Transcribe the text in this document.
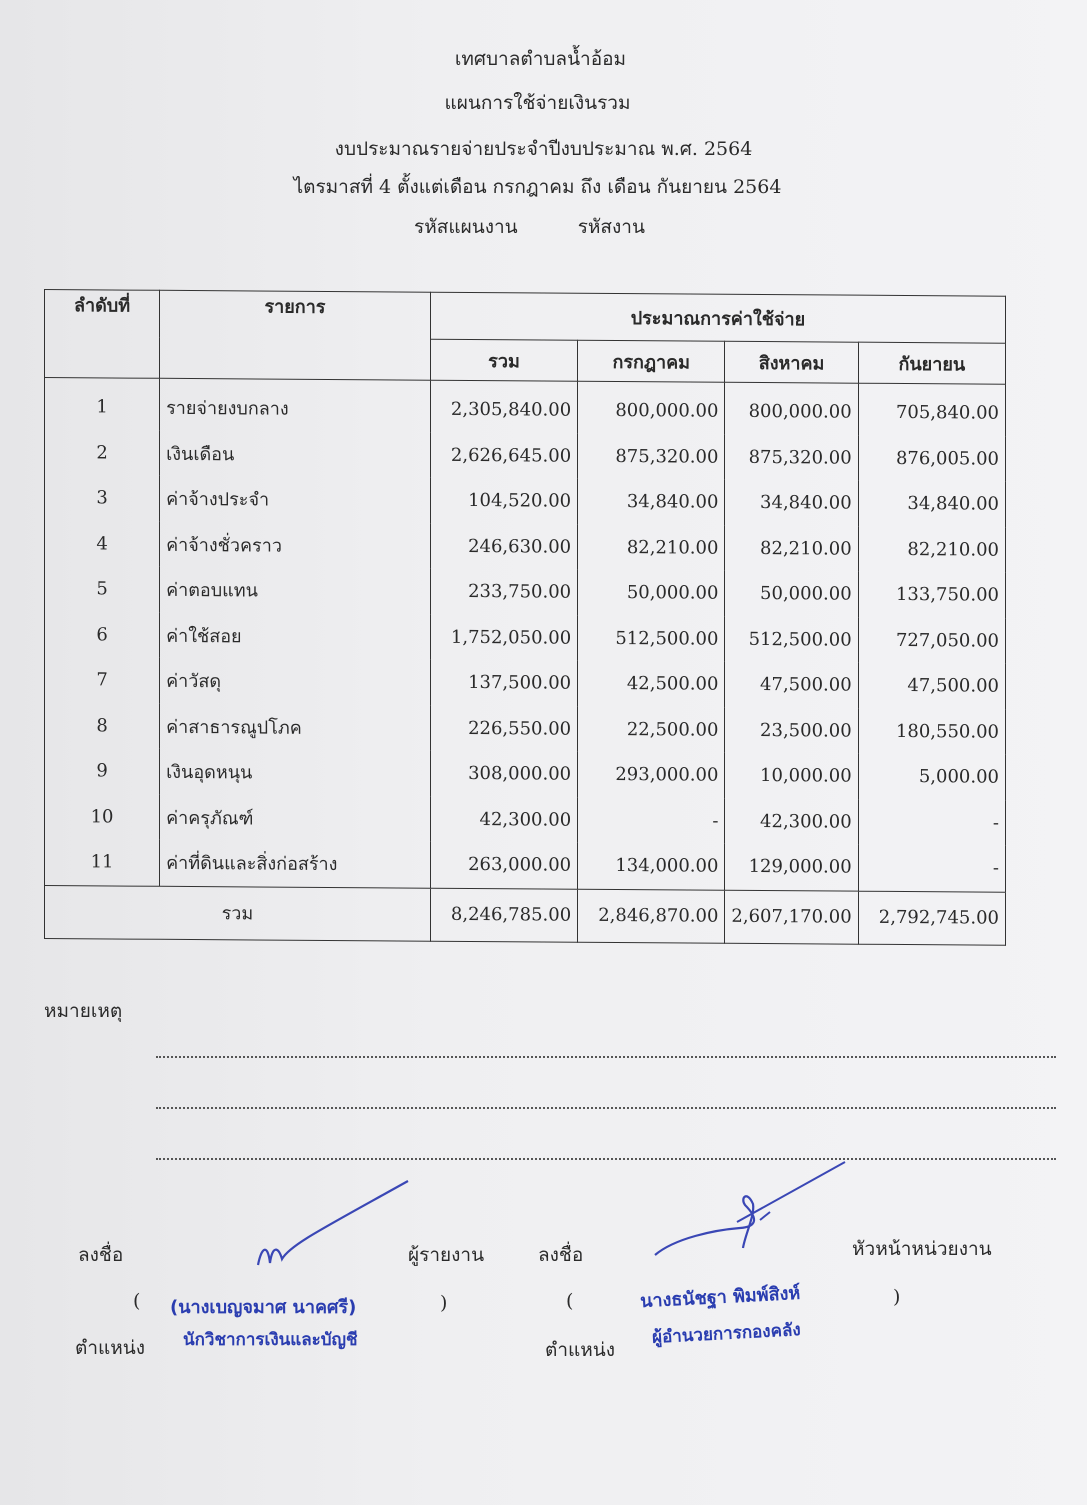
เทศบาลตำบลน้ำอ้อม
แผนการใช้จ่ายเงินรวม
งบประมาณรายจ่ายประจำปีงบประมาณ พ.ศ. 2564
ไตรมาสที่ 4 ตั้งแต่เดือน กรกฎาคม ถึง เดือน กันยายน 2564
รหัสแผนงาน	รหัสงาน
ลำดับที่	รายการ	ประมาณการค่าใช้จ่าย			
		รวม	กรกฎาคม	สิงหาคม	กันยายน
1	รายจ่ายงบกลาง	2,305,840.00	800,000.00	800,000.00	705,840.00
2	เงินเดือน	2,626,645.00	875,320.00	875,320.00	876,005.00
3	ค่าจ้างประจำ	104,520.00	34,840.00	34,840.00	34,840.00
4	ค่าจ้างชั่วคราว	246,630.00	82,210.00	82,210.00	82,210.00
5	ค่าตอบแทน	233,750.00	50,000.00	50,000.00	133,750.00
6	ค่าใช้สอย	1,752,050.00	512,500.00	512,500.00	727,050.00
7	ค่าวัสดุ	137,500.00	42,500.00	47,500.00	47,500.00
8	ค่าสาธารณูปโภค	226,550.00	22,500.00	23,500.00	180,550.00
9	เงินอุดหนุน	308,000.00	293,000.00	10,000.00	5,000.00
10	ค่าครุภัณฑ์	42,300.00	-	42,300.00	-
11	ค่าที่ดินและสิ่งก่อสร้าง	263,000.00	134,000.00	129,000.00	-
รวม		8,246,785.00	2,846,870.00	2,607,170.00	2,792,745.00
หมายเหตุ
ลงชื่อ	ผู้รายงาน
( (นางเบญจมาศ นาคศรี)	)
ตำแหน่ง นักวิชาการเงินและบัญชี
ลงชื่อ	หัวหน้าหน่วยงาน
(	นางธนัชฐา พิมพ์สิงห์	)
ตำแหน่ง
ผู้อำนวยการกองคลัง
